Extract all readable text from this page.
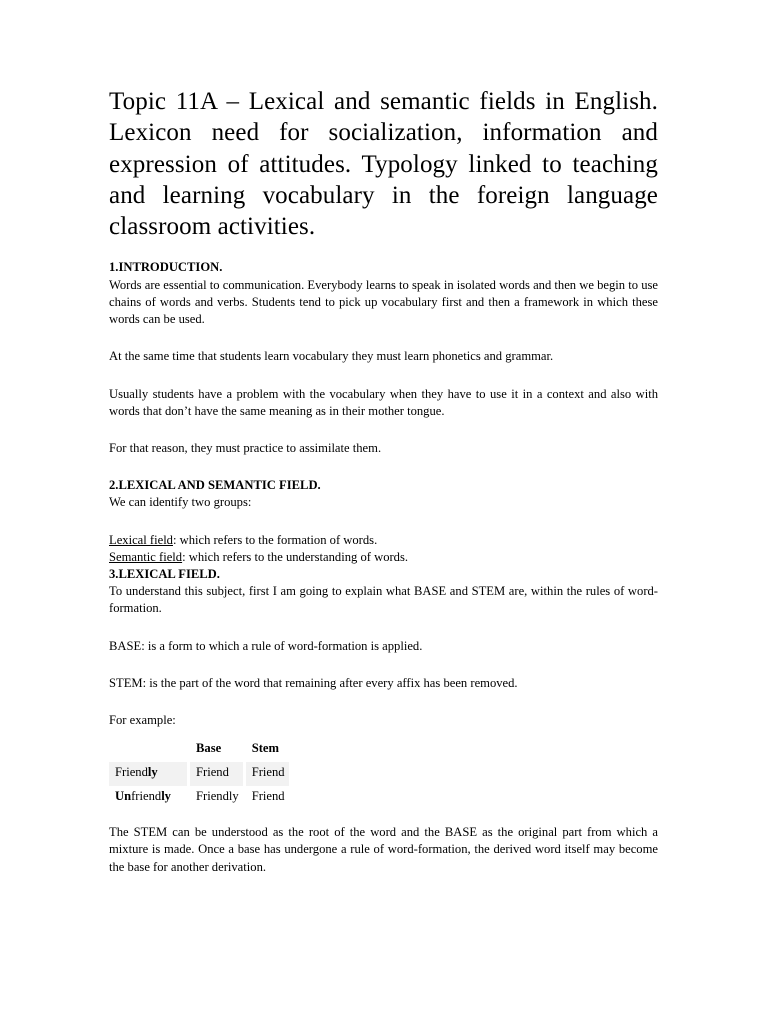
Topic 11A – Lexical and semantic fields in English. Lexicon need for socialization, information and expression of attitudes. Typology linked to teaching and learning vocabulary in the foreign language classroom activities.
1.INTRODUCTION.

Words are essential to communication. Everybody learns to speak in isolated words and then we begin to use chains of words and verbs. Students tend to pick up vocabulary first and then a framework in which these words can be used.

At the same time that students learn vocabulary they must learn phonetics and grammar.

Usually students have a problem with the vocabulary when they have to use it in a context and also with words that don’t have the same meaning as in their mother tongue.

For that reason, they must practice to assimilate them.

2.LEXICAL AND SEMANTIC FIELD.

We can identify two groups:

Lexical field: which refers to the formation of words.

Semantic field: which refers to the understanding of words.

3.LEXICAL FIELD.

To understand this subject, first I am going to explain what BASE and STEM are, within the rules of word-formation.

BASE: is a form to which a rule of word-formation is applied.

STEM: is the part of the word that remaining after every affix has been removed.

For example:

	Base	Stem
Friendly	Friend	Friend
Unfriendly	Friendly	Friend

The STEM can be understood as the root of the word and the BASE as the original part from which a mixture is made. Once a base has undergone a rule of word-formation, the derived word itself may become the base for another derivation.
